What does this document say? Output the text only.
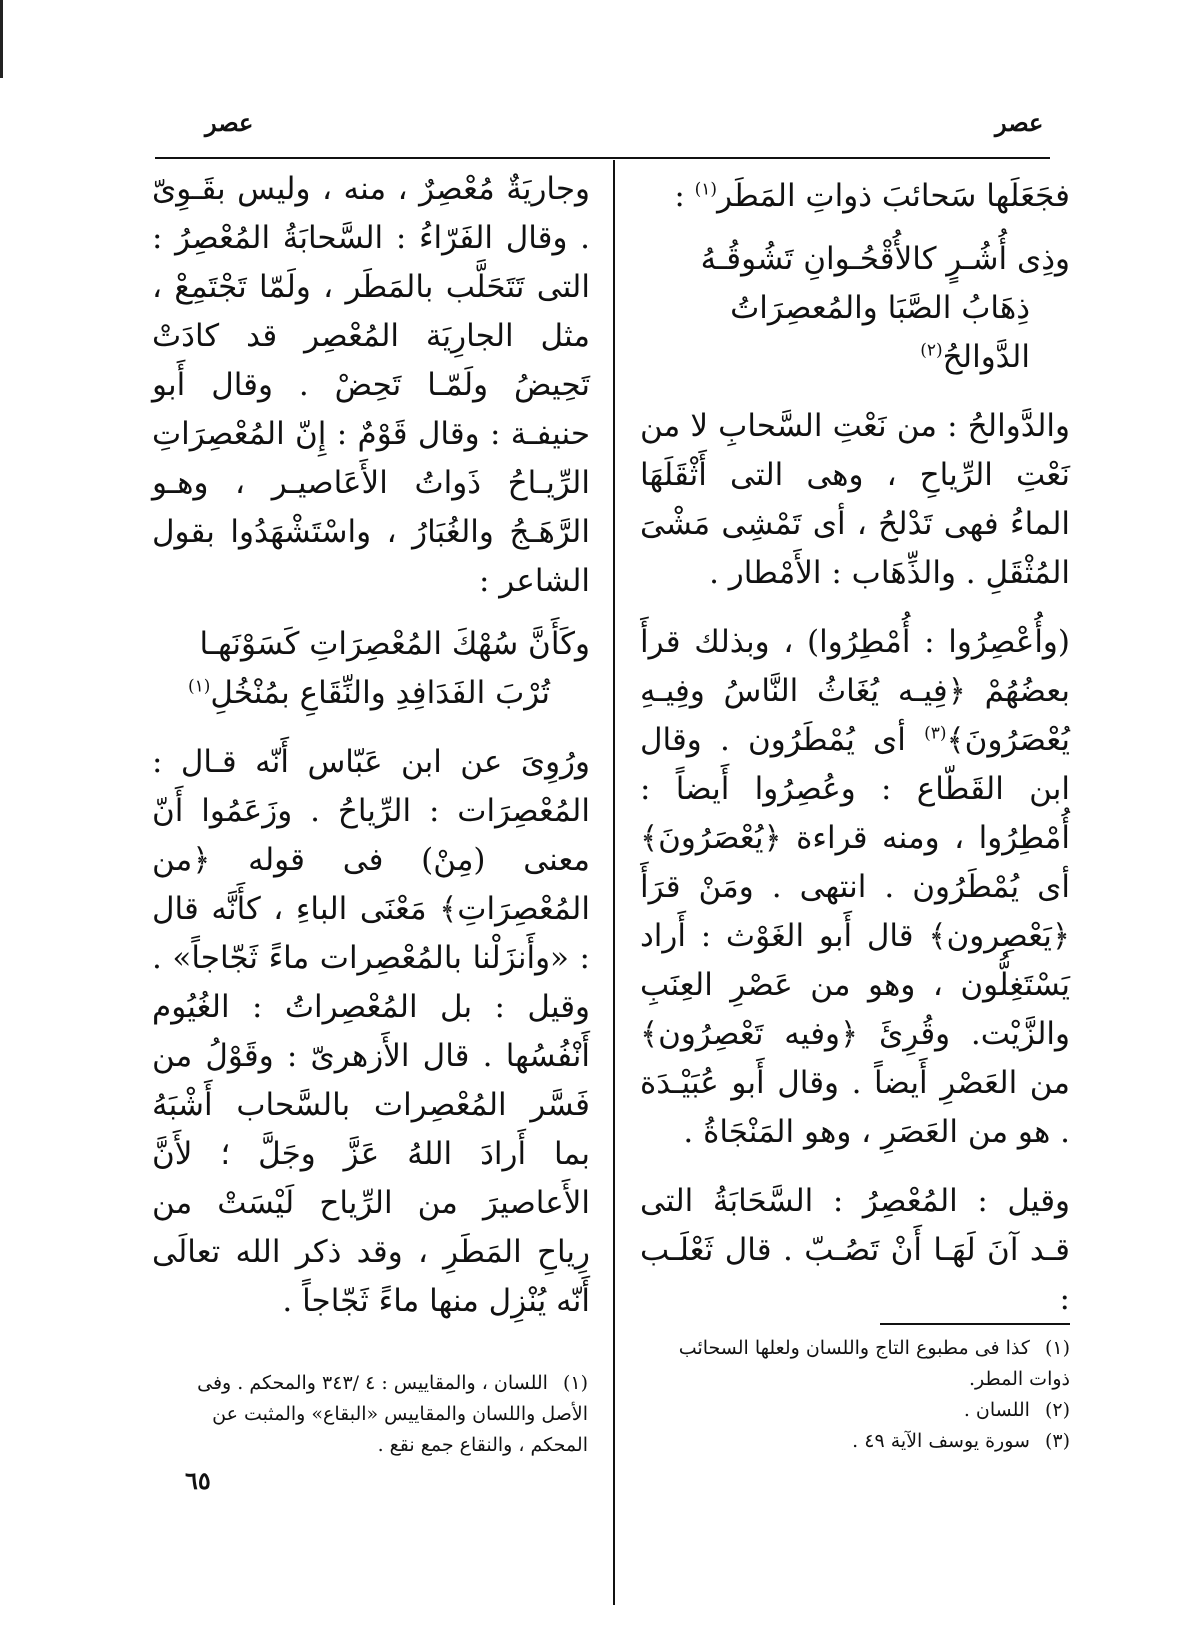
عصر	عصر

فجَعَلَها سَحائبَ ذواتِ المَطَر$^{(١)}$ :

وذِى أُشُـرٍ كالأُقْحُـوانِ تَشُوقُـهُ

ذِهَابُ الصَّبَا والمُعصِرَاتُ الدَّوالحُ$^{(٢)}$

والدَّوالحُ : من نَعْتِ السَّحابِ لا من نَعْتِ الرِّياحِ ، وهى التى أَثْقَلَهَا الماءُ فهى تَدْلحُ ، أى تَمْشِى مَشْىَ المُثْقَلِ . والذِّهَاب : الأَمْطار .

(وأُعْصِرُوا : أُمْطِرُوا) ، وبذلك قرأَ بعضُهُمْ ﴿فِيـه يُغَاثُ النَّاسُ وفِيـهِ يُعْصَرُونَ﴾$^{(٣)}$ أى يُمْطَرُون . وقال ابن القَطّاع : وعُصِرُوا أَيضاً : أُمْطِرُوا ، ومنه قراءة ﴿يُعْصَرُونَ﴾ أى يُمْطَرُون . انتهى . ومَنْ قرَأَ ﴿يَعْصِرون﴾ قال أَبو الغَوْث : أَراد يَسْتَغِلُّون ، وهو من عَصْرِ العِنَبِ والزَّيْت. وقُرِئَ ﴿وفيه تَعْصِرُون﴾ من العَصْرِ أَيضاً . وقال أَبو عُبَيْـدَة . هو من العَصَرِ ، وهو المَنْجَاةُ .

وقيل : المُعْصِرُ : السَّحَابَةُ التى قـد آنَ لَهَـا أَنْ تَصُـبّ . قال ثَعْلَـب :

وجاريَةٌ مُعْصِرٌ ، منه ، وليس بقَـوِىّ . وقال الفَرّاءُ : السَّحابَةُ المُعْصِرُ : التى تَتَحَلَّب بالمَطَر ، ولَمّا تَجْتَمِعْ ، مثل الجارِيَة المُعْصِر قد كادَتْ تَحِيضُ ولَمّـا تَحِضْ . وقال أَبو حنيفـة : وقال قَوْمٌ : إِنّ المُعْصِرَاتِ الرِّيـاحُ ذَواتُ الأَعَاصيـر ، وهـو الرَّهَـجُ والغُبَارُ ، واسْتَشْهَدُوا بقول الشاعر :

وكَأَنَّ سُهْكَ المُعْصِرَاتِ كَسَوْنَهـا

تُرْبَ الفَدَافِدِ والنِّقَاعِ بمُنْخُلِ$^{(١)}$

ورُوِىَ عن ابن عَبّاس أَنّه قـال : المُعْصِرَات : الرِّياحُ . وزَعَمُوا أَنّ معنى (مِنْ) فى قوله ﴿من المُعْصِرَاتِ﴾ مَعْنَى الباءِ ، كأَنَّه قال : «وأَنزَلْنا بالمُعْصِرات ماءً ثَجّاجاً» . وقيل : بل المُعْصِراتُ : الغُيُوم أَنْفُسُها . قال الأَزهرىّ : وقَوْلُ من فَسَّر المُعْصِرات بالسَّحاب أَشْبَهُ بما أَرادَ اللهُ عَزَّ وجَلَّ ؛ لأَنَّ الأَعاصيرَ من الرِّياح لَيْسَتْ من رِياحِ المَطَرِ ، وقد ذكر الله تعالَى أَنّه يُنْزِل منها ماءً ثَجّاجاً .

(١) كذا فى مطبوع التاج واللسان ولعلها السحائب ذوات المطر.

(٢) اللسان .

(٣) سورة يوسف الآية ٤٩ .

(١) اللسان ، والمقاييس : ٤ /٣٤٣ والمحكم . وفى الأصل واللسان والمقاييس «البقاع» والمثبت عن المحكم ، والنقاع جمع نقع .

٦٥
